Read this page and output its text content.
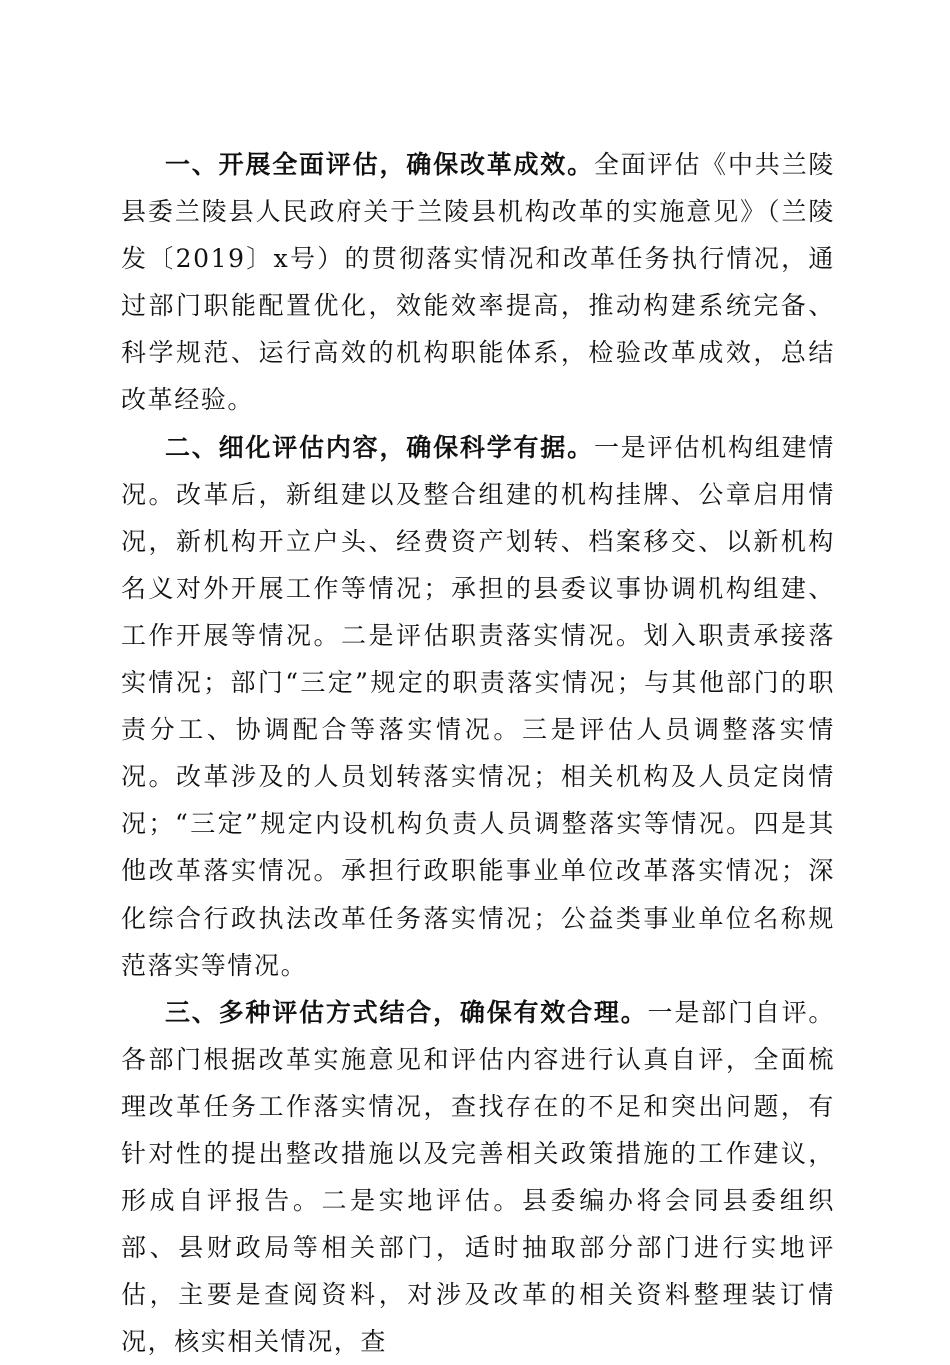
一、开展全面评估，确保改革成效。全面评估《中共兰陵县委兰陵县人民政府关于兰陵县机构改革的实施意见》（兰陵发〔2019〕x号）的贯彻落实情况和改革任务执行情况，通过部门职能配置优化，效能效率提高，推动构建系统完备、科学规范、运行高效的机构职能体系，检验改革成效，总结改革经验。

二、细化评估内容，确保科学有据。一是评估机构组建情况。改革后，新组建以及整合组建的机构挂牌、公章启用情况，新机构开立户头、经费资产划转、档案移交、以新机构名义对外开展工作等情况；承担的县委议事协调机构组建、工作开展等情况。二是评估职责落实情况。划入职责承接落实情况；部门“三定”规定的职责落实情况；与其他部门的职责分工、协调配合等落实情况。三是评估人员调整落实情况。改革涉及的人员划转落实情况；相关机构及人员定岗情况；“三定”规定内设机构负责人员调整落实等情况。四是其他改革落实情况。承担行政职能事业单位改革落实情况；深化综合行政执法改革任务落实情况；公益类事业单位名称规范落实等情况。

三、多种评估方式结合，确保有效合理。一是部门自评。各部门根据改革实施意见和评估内容进行认真自评，全面梳理改革任务工作落实情况，查找存在的不足和突出问题，有针对性的提出整改措施以及完善相关政策措施的工作建议，形成自评报告。二是实地评估。县委编办将会同县委组织部、县财政局等相关部门，适时抽取部分部门进行实地评估，主要是查阅资料，对涉及改革的相关资料整理装订情况，核实相关情况，查
